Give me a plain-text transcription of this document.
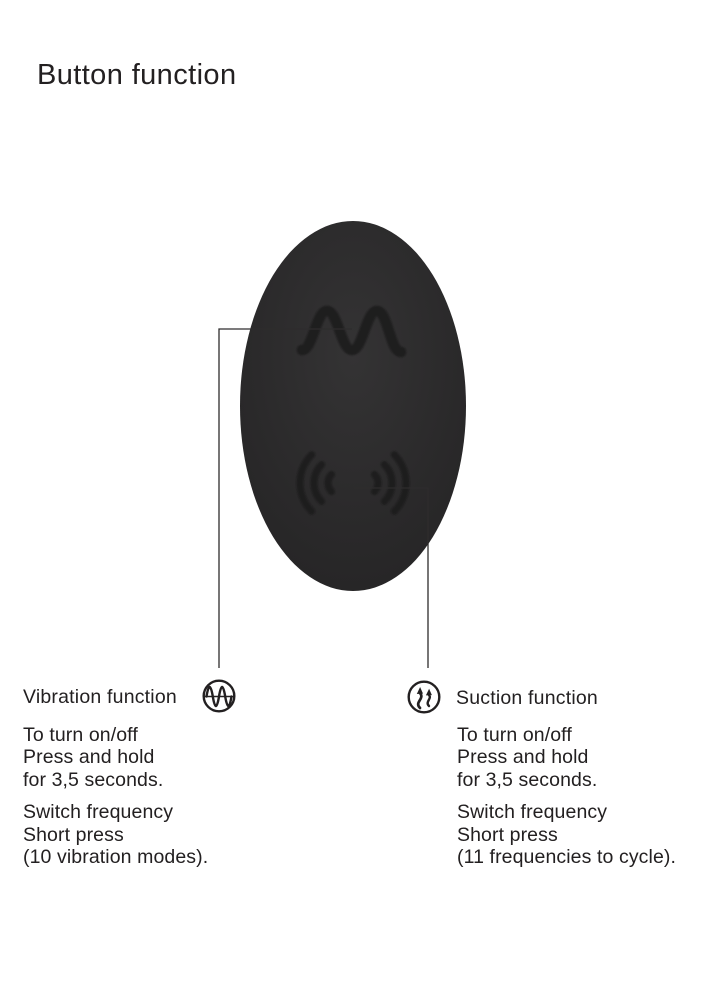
Button function
Vibration function
To turn on/off
Press and hold
for 3,5 seconds.
Switch frequency
Short press
(10 vibration modes).
Suction function
To turn on/off
Press and hold
for 3,5 seconds.
Switch frequency
Short press
(11 frequencies to cycle).
